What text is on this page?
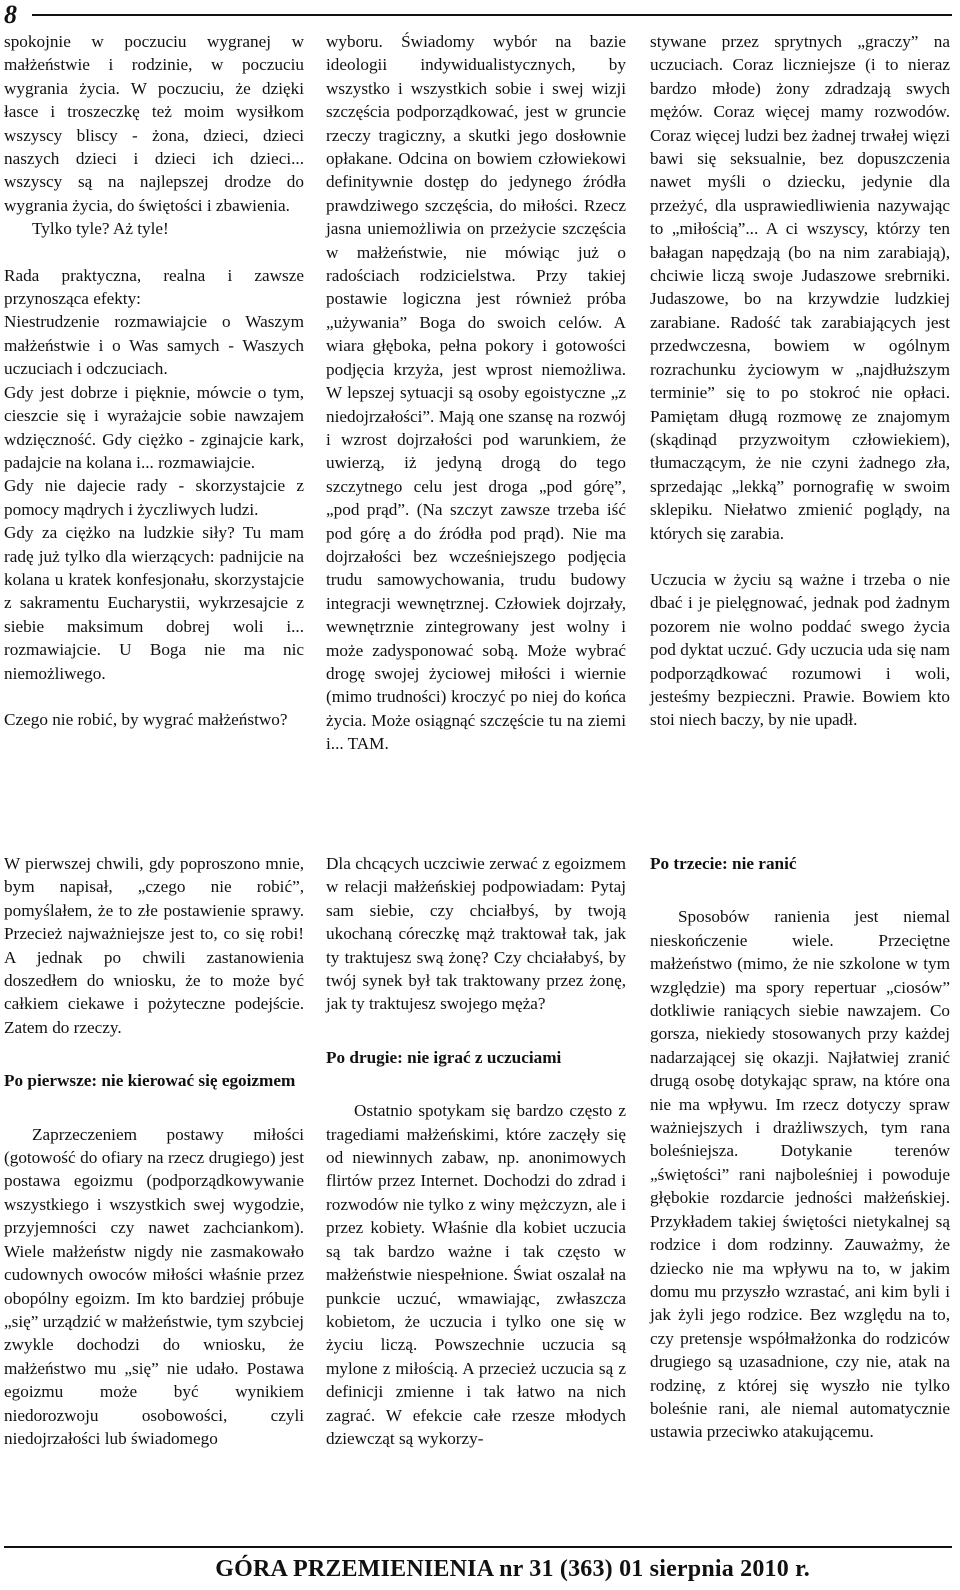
8

spokojnie w poczuciu wygranej w małżeństwie i rodzinie, w poczuciu wygrania życia. W poczuciu, że dzięki łasce i troszeczkę też moim wysiłkom wszyscy bliscy - żona, dzieci, dzieci naszych dzieci i dzieci ich dzieci... wszyscy są na najlepszej drodze do wygrania życia, do świętości i zbawienia.

Tylko tyle? Aż tyle!

Rada praktyczna, realna i zawsze przynosząca efekty:

Niestrudzenie rozmawiajcie o Waszym małżeństwie i o Was samych - Waszych uczuciach i odczuciach.

Gdy jest dobrze i pięknie, mówcie o tym, cieszcie się i wyrażajcie sobie nawzajem wdzięczność. Gdy ciężko - zginajcie kark, padajcie na kolana i... rozmawiajcie.

Gdy nie dajecie rady - skorzystajcie z pomocy mądrych i życzliwych ludzi.

Gdy za ciężko na ludzkie siły? Tu mam radę już tylko dla wierzących: padnijcie na kolana u kratek konfesjonału, skorzystajcie z sakramentu Eucharystii, wykrzesajcie z siebie maksimum dobrej woli i... rozmawiajcie. U Boga nie ma nic niemożliwego.

Czego nie robić, by wygrać małżeństwo?

W pierwszej chwili, gdy poproszono mnie, bym napisał, „czego nie robić”, pomyślałem, że to złe postawienie sprawy. Przecież najważniejsze jest to, co się robi! A jednak po chwili zastanowienia doszedłem do wniosku, że to może być całkiem ciekawe i pożyteczne podejście. Zatem do rzeczy.

Po pierwsze: nie kierować się egoizmem

Zaprzeczeniem postawy miłości (gotowość do ofiary na rzecz drugiego) jest postawa egoizmu (podporządkowywanie wszystkiego i wszystkich swej wygodzie, przyjemności czy nawet zachciankom). Wiele małżeństw nigdy nie zasmakowało cudownych owoców miłości właśnie przez obopólny egoizm. Im kto bardziej próbuje „się” urządzić w małżeństwie, tym szybciej zwykle dochodzi do wniosku, że małżeństwo mu „się” nie udało. Postawa egoizmu może być wynikiem niedorozwoju osobowości, czyli niedojrzałości lub świadomego

wyboru. Świadomy wybór na bazie ideologii indywidualistycznych, by wszystko i wszystkich sobie i swej wizji szczęścia podporządkować, jest w gruncie rzeczy tragiczny, a skutki jego dosłownie opłakane. Odcina on bowiem człowiekowi definitywnie dostęp do jedynego źródła prawdziwego szczęścia, do miłości. Rzecz jasna uniemożliwia on przeżycie szczęścia w małżeństwie, nie mówiąc już o radościach rodzicielstwa. Przy takiej postawie logiczna jest również próba „używania” Boga do swoich celów. A wiara głęboka, pełna pokory i gotowości podjęcia krzyża, jest wprost niemożliwa. W lepszej sytuacji są osoby egoistyczne „z niedojrzałości”. Mają one szansę na rozwój i wzrost dojrzałości pod warunkiem, że uwierzą, iż jedyną drogą do tego szczytnego celu jest droga „pod górę”, „pod prąd”. (Na szczyt zawsze trzeba iść pod górę a do źródła pod prąd). Nie ma dojrzałości bez wcześniejszego podjęcia trudu samowychowania, trudu budowy integracji wewnętrznej. Człowiek dojrzały, wewnętrznie zintegrowany jest wolny i może zadysponować sobą. Może wybrać drogę swojej życiowej miłości i wiernie (mimo trudności) kroczyć po niej do końca życia. Może osiągnąć szczęście tu na ziemi i... TAM.

Dla chcących uczciwie zerwać z egoizmem w relacji małżeńskiej podpowiadam: Pytaj sam siebie, czy chciałbyś, by twoją ukochaną córeczkę mąż traktował tak, jak ty traktujesz swą żonę? Czy chciałabyś, by twój synek był tak traktowany przez żonę, jak ty traktujesz swojego męża?

Po drugie: nie igrać z uczuciami

Ostatnio spotykam się bardzo często z tragediami małżeńskimi, które zaczęły się od niewinnych zabaw, np. anonimowych flirtów przez Internet. Dochodzi do zdrad i rozwodów nie tylko z winy mężczyzn, ale i przez kobiety. Właśnie dla kobiet uczucia są tak bardzo ważne i tak często w małżeństwie niespełnione. Świat oszalał na punkcie uczuć, wmawiając, zwłaszcza kobietom, że uczucia i tylko one się w życiu liczą. Powszechnie uczucia są mylone z miłością. A przecież uczucia są z definicji zmienne i tak łatwo na nich zagrać. W efekcie całe rzesze młodych dziewcząt są wykorzy-

stywane przez sprytnych „graczy” na uczuciach. Coraz liczniejsze (i to nieraz bardzo młode) żony zdradzają swych mężów. Coraz więcej mamy rozwodów. Coraz więcej ludzi bez żadnej trwałej więzi bawi się seksualnie, bez dopuszczenia nawet myśli o dziecku, jedynie dla przeżyć, dla usprawiedliwienia nazywając to „miłością”... A ci wszyscy, którzy ten bałagan napędzają (bo na nim zarabiają), chciwie liczą swoje Judaszowe srebrniki. Judaszowe, bo na krzywdzie ludzkiej zarabiane. Radość tak zarabiających jest przedwczesna, bowiem w ogólnym rozrachunku życiowym w „najdłuższym terminie” się to po stokroć nie opłaci. Pamiętam długą rozmowę ze znajomym (skądinąd przyzwoitym człowiekiem), tłumaczącym, że nie czyni żadnego zła, sprzedając „lekką” pornografię w swoim sklepiku. Niełatwo zmienić poglądy, na których się zarabia.

Uczucia w życiu są ważne i trzeba o nie dbać i je pielęgnować, jednak pod żadnym pozorem nie wolno poddać swego życia pod dyktat uczuć. Gdy uczucia uda się nam podporządkować rozumowi i woli, jesteśmy bezpieczni. Prawie. Bowiem kto stoi niech baczy, by nie upadł.

Po trzecie: nie ranić

Sposobów ranienia jest niemal nieskończenie wiele. Przeciętne małżeństwo (mimo, że nie szkolone w tym względzie) ma spory repertuar „ciosów” dotkliwie raniących siebie nawzajem. Co gorsza, niekiedy stosowanych przy każdej nadarzającej się okazji. Najłatwiej zranić drugą osobę dotykając spraw, na które ona nie ma wpływu. Im rzecz dotyczy spraw ważniejszych i drażliwszych, tym rana boleśniejsza. Dotykanie terenów „świętości” rani najboleśniej i powoduje głębokie rozdarcie jedności małżeńskiej. Przykładem takiej świętości nietykalnej są rodzice i dom rodzinny. Zauważmy, że dziecko nie ma wpływu na to, w jakim domu mu przyszło wzrastać, ani kim byli i jak żyli jego rodzice. Bez względu na to, czy pretensje współmałżonka do rodziców drugiego są uzasadnione, czy nie, atak na rodzinę, z której się wyszło nie tylko boleśnie rani, ale niemal automatycznie ustawia przeciwko atakującemu.

GÓRA PRZEMIENIENIA nr 31 (363) 01 sierpnia 2010 r.
